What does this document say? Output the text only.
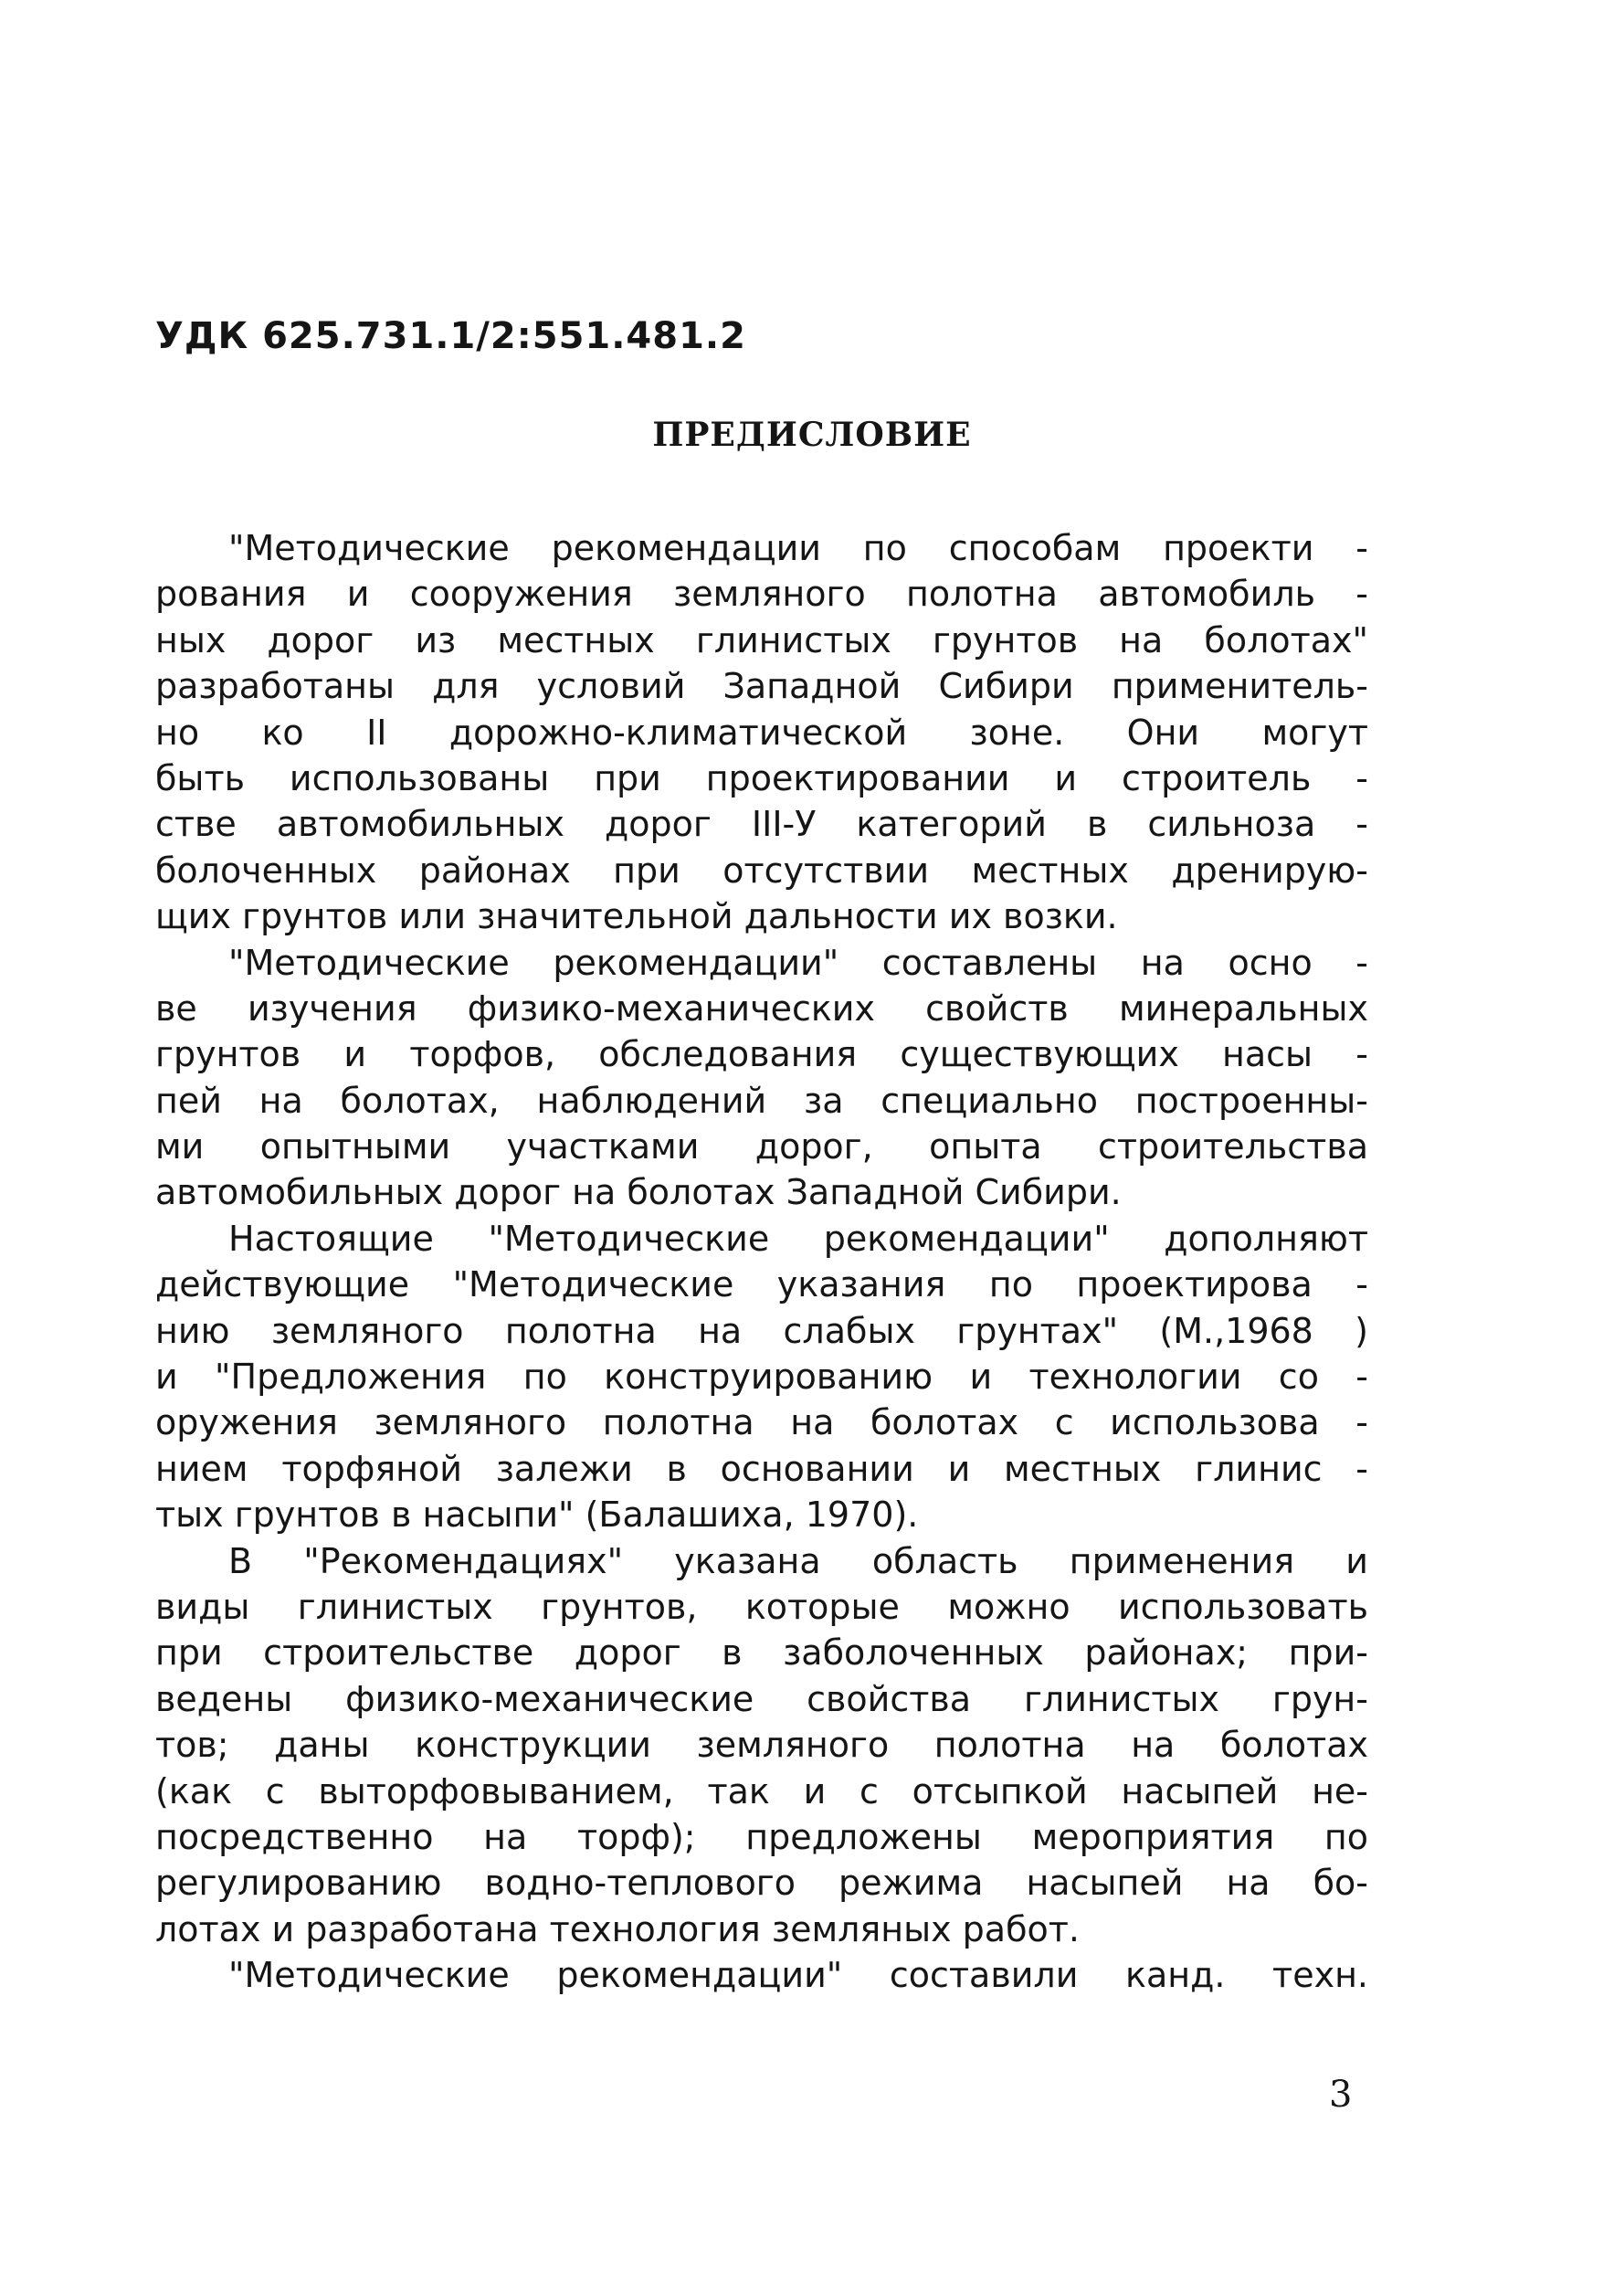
УДК 625.731.1/2:551.481.2
ПРЕДИСЛОВИЕ
"Методические рекомендации по способам проекти -
рования и сооружения земляного полотна автомобиль -
ных дорог из местных глинистых грунтов на болотах"
разработаны для условий Западной Сибири применитель-
но ко II дорожно-климатической зоне. Они могут
быть использованы при проектировании и строитель -
стве автомобильных дорог III-У категорий в сильноза -
болоченных районах при отсутствии местных дренирую-
щих грунтов или значительной дальности их возки.
"Методические рекомендации" составлены на осно -
ве изучения физико-механических свойств минеральных
грунтов и торфов, обследования существующих насы -
пей на болотах, наблюдений за специально построенны-
ми опытными участками дорог, опыта строительства
автомобильных дорог на болотах Западной Сибири.
Настоящие "Методические рекомендации" дополняют
действующие "Методические указания по проектирова -
нию земляного полотна на слабых грунтах" (М.,1968 )
и "Предложения по конструированию и технологии со -
оружения земляного полотна на болотах с использова -
нием торфяной залежи в основании и местных глинис -
тых грунтов в насыпи" (Балашиха, 1970).
В "Рекомендациях" указана область применения и
виды глинистых грунтов, которые можно использовать
при строительстве дорог в заболоченных районах; при-
ведены физико-механические свойства глинистых грун-
тов; даны конструкции земляного полотна на болотах
(как с выторфовыванием, так и с отсыпкой насыпей не-
посредственно на торф); предложены мероприятия по
регулированию водно-теплового режима насыпей на бо-
лотах и разработана технология земляных работ.
"Методические рекомендации" составили канд. техн.
3
